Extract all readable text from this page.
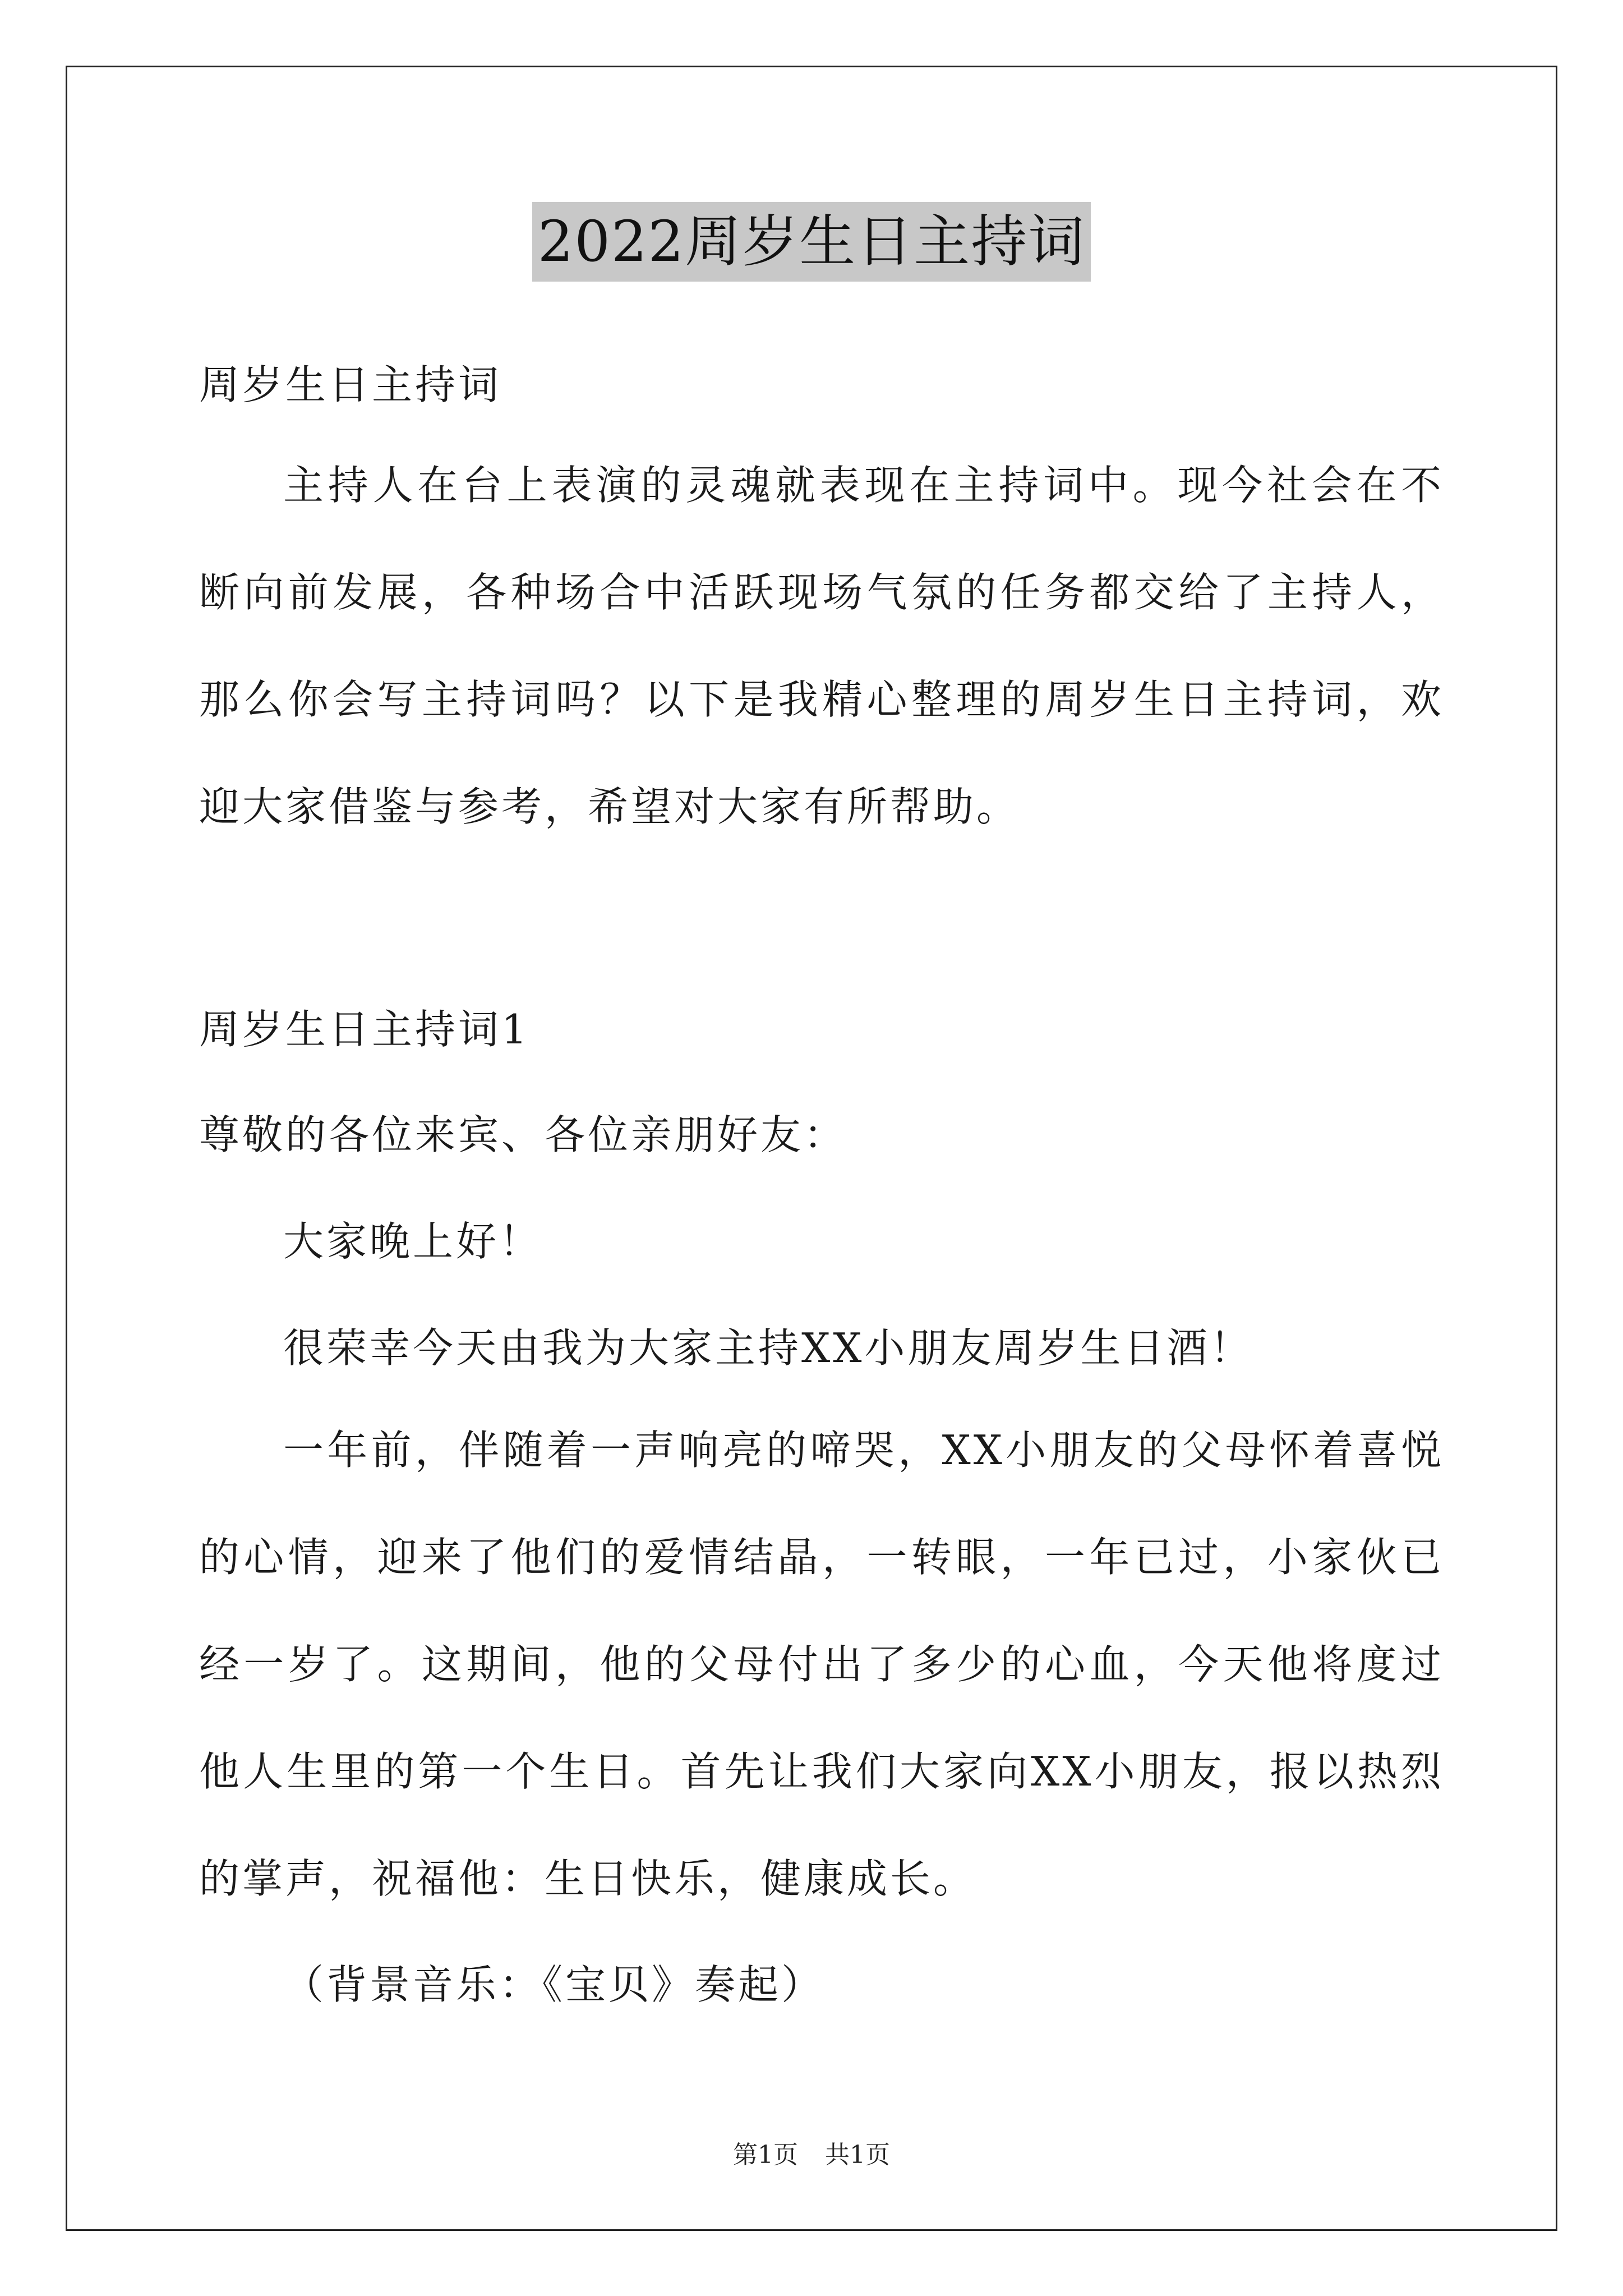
2022周岁生日主持词
周岁生日主持词

主持人在台上表演的灵魂就表现在主持词中。现今社会在不断向前发展，各种场合中活跃现场气氛的任务都交给了主持人，那么你会写主持词吗？以下是我精心整理的周岁生日主持词，欢迎大家借鉴与参考，希望对大家有所帮助。

周岁生日主持词1
尊敬的各位来宾、各位亲朋好友：
大家晚上好！
很荣幸今天由我为大家主持XX小朋友周岁生日酒！

一年前，伴随着一声响亮的啼哭，XX小朋友的父母怀着喜悦的心情，迎来了他们的爱情结晶，一转眼，一年已过，小家伙已经一岁了。这期间，他的父母付出了多少的心血，今天他将度过他人生里的第一个生日。首先让我们大家向XX小朋友，报以热烈的掌声，祝福他：生日快乐，健康成长。

（背景音乐：《宝贝》奏起）
第1页 共1页
